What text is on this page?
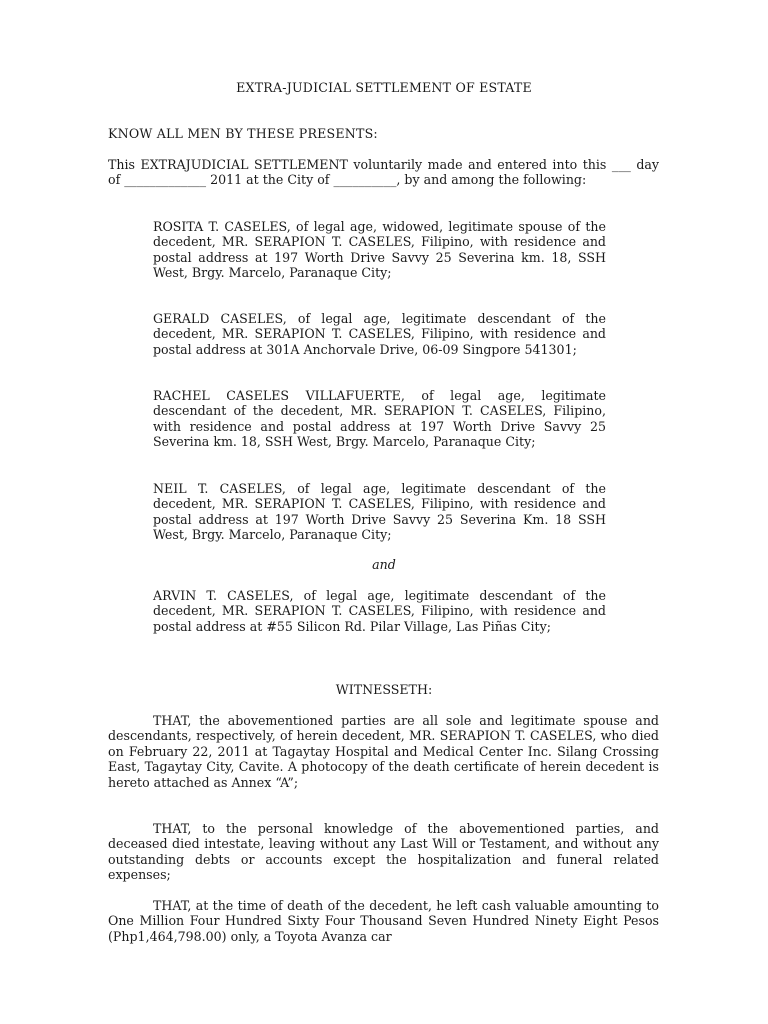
EXTRA-JUDICIAL SETTLEMENT OF ESTATE
KNOW ALL MEN BY THESE PRESENTS:

This EXTRAJUDICIAL SETTLEMENT voluntarily made and entered into this ___ day of _____________ 2011 at the City of __________, by and among the following:

ROSITA T. CASELES, of legal age, widowed, legitimate spouse of the decedent, MR. SERAPION T. CASELES, Filipino, with residence and postal address at 197 Worth Drive Savvy 25 Severina km. 18, SSH West, Brgy. Marcelo, Paranaque City;

GERALD CASELES, of legal age, legitimate descendant of the decedent, MR. SERAPION T. CASELES, Filipino, with residence and postal address at 301A Anchorvale Drive, 06-09 Singpore 541301;

RACHEL CASELES VILLAFUERTE, of legal age, legitimate descendant of the decedent, MR. SERAPION T. CASELES, Filipino, with residence and postal address at 197 Worth Drive Savvy 25 Severina km. 18, SSH West, Brgy. Marcelo, Paranaque City;

NEIL T. CASELES, of legal age, legitimate descendant of the decedent, MR. SERAPION T. CASELES, Filipino, with residence and postal address at 197 Worth Drive Savvy 25 Severina Km. 18 SSH West, Brgy. Marcelo, Paranaque City;

and

ARVIN T. CASELES, of legal age, legitimate descendant of the decedent, MR. SERAPION T. CASELES, Filipino, with residence and postal address at #55 Silicon Rd. Pilar Village, Las Piñas City;

WITNESSETH:

THAT, the abovementioned parties are all sole and legitimate spouse and descendants, respectively, of herein decedent, MR. SERAPION T. CASELES, who died on February 22, 2011 at Tagaytay Hospital and Medical Center Inc. Silang Crossing East, Tagaytay City, Cavite. A photocopy of the death certificate of herein decedent is hereto attached as Annex “A”;

THAT, to the personal knowledge of the abovementioned parties, and deceased died intestate, leaving without any Last Will or Testament, and without any outstanding debts or accounts except the hospitalization and funeral related expenses;

THAT, at the time of death of the decedent, he left cash valuable amounting to One Million Four Hundred Sixty Four Thousand Seven Hundred Ninety Eight Pesos (Php1,464,798.00) only, a Toyota Avanza car
